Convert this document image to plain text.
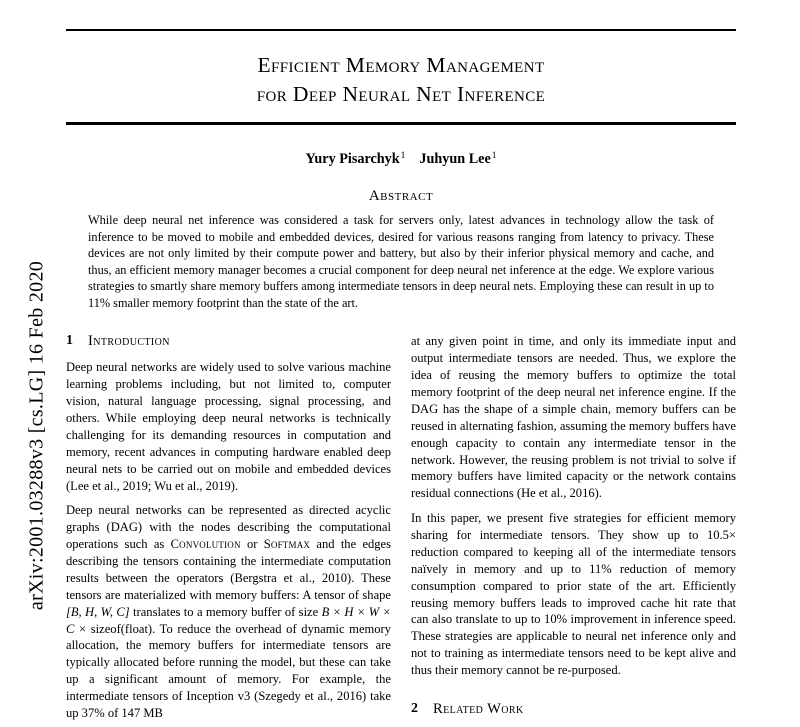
arXiv:2001.03288v3 [cs.LG] 16 Feb 2020
Efficient Memory Management
for Deep Neural Net Inference
Yury Pisarchyk$^1$ Juhyun Lee$^1$
Abstract
While deep neural net inference was considered a task for servers only, latest advances in technology allow the task of inference to be moved to mobile and embedded devices, desired for various reasons ranging from latency to privacy. These devices are not only limited by their compute power and battery, but also by their inferior physical memory and cache, and thus, an efficient memory manager becomes a crucial component for deep neural net inference at the edge. We explore various strategies to smartly share memory buffers among intermediate tensors in deep neural nets. Employing these can result in up to 11% smaller memory footprint than the state of the art.
1 Introduction

Deep neural networks are widely used to solve various machine learning problems including, but not limited to, computer vision, natural language processing, signal processing, and others. While employing deep neural networks is technically challenging for its demanding resources in computation and memory, recent advances in computing hardware enabled deep neural nets to be carried out on mobile and embedded devices (Lee et al., 2019; Wu et al., 2019).

Deep neural networks can be represented as directed acyclic graphs (DAG) with the nodes describing the computational operations such as Convolution or Softmax and the edges describing the tensors containing the intermediate computation results between the operators (Bergstra et al., 2010). These tensors are materialized with memory buffers: A tensor of shape [B, H, W, C] translates to a memory buffer of size B × H × W × C × sizeof(float). To reduce the overhead of dynamic memory allocation, the memory buffers for intermediate tensors are typically allocated before running the model, but these can take up a significant amount of memory. For example, the intermediate tensors of Inception v3 (Szegedy et al., 2016) take up 37% of 147 MB

at any given point in time, and only its immediate input and output intermediate tensors are needed. Thus, we explore the idea of reusing the memory buffers to optimize the total memory footprint of the deep neural net inference engine. If the DAG has the shape of a simple chain, memory buffers can be reused in alternating fashion, assuming the memory buffers have enough capacity to contain any intermediate tensor in the network. However, the reusing problem is not trivial to solve if memory buffers have limited capacity or the network contains residual connections (He et al., 2016).

In this paper, we present five strategies for efficient memory sharing for intermediate tensors. They show up to 10.5× reduction compared to keeping all of the intermediate tensors naïvely in memory and up to 11% reduction of memory consumption compared to prior state of the art. Efficiently reusing memory buffers leads to improved cache hit rate that can also translate to up to 10% improvement in inference speed. These strategies are applicable to neural net inference only and not to training as intermediate tensors need to be kept alive and thus their memory cannot be re-purposed.

2 Related Work
